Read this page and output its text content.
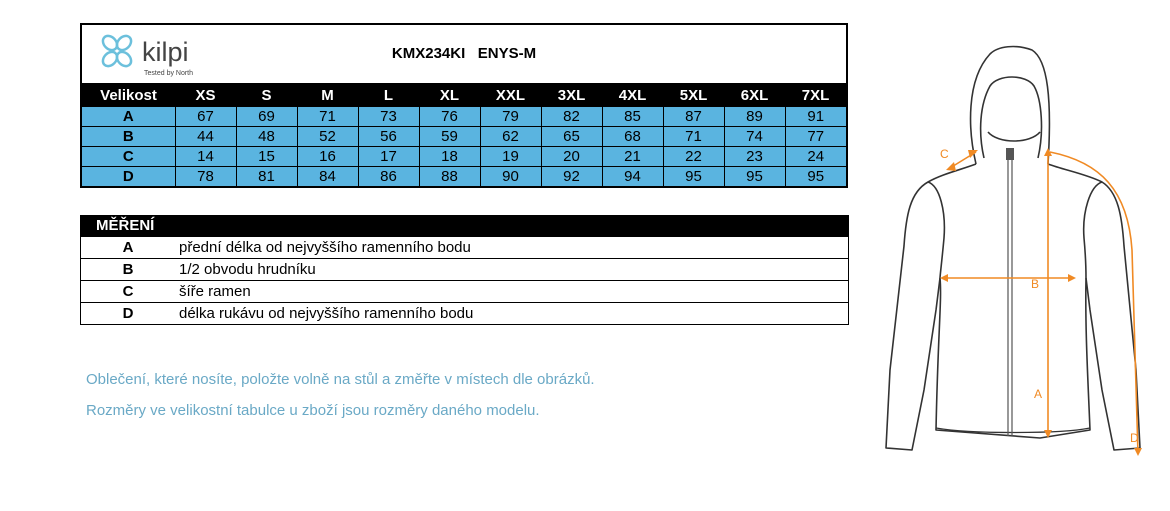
kilpi
Tested by North
KMX234KI   ENYS-M
Velikost	XS	S	M	L	XL	XXL	3XL	4XL	5XL	6XL	7XL
A	67	69	71	73	76	79	82	85	87	89	91
B	44	48	52	56	59	62	65	68	71	74	77
C	14	15	16	17	18	19	20	21	22	23	24
D	78	81	84	86	88	90	92	94	95	95	95
MĚŘENÍ
A	přední délka od nejvyššího ramenního bodu
B	1/2 obvodu hrudníku
C	šíře ramen
D	délka rukávu od nejvyššího ramenního bodu
Oblečení, které nosíte, položte volně na stůl a změřte v místech dle obrázků.
Rozměry ve velikostní tabulce u zboží jsou rozměry daného modelu.
C
B
A
D
